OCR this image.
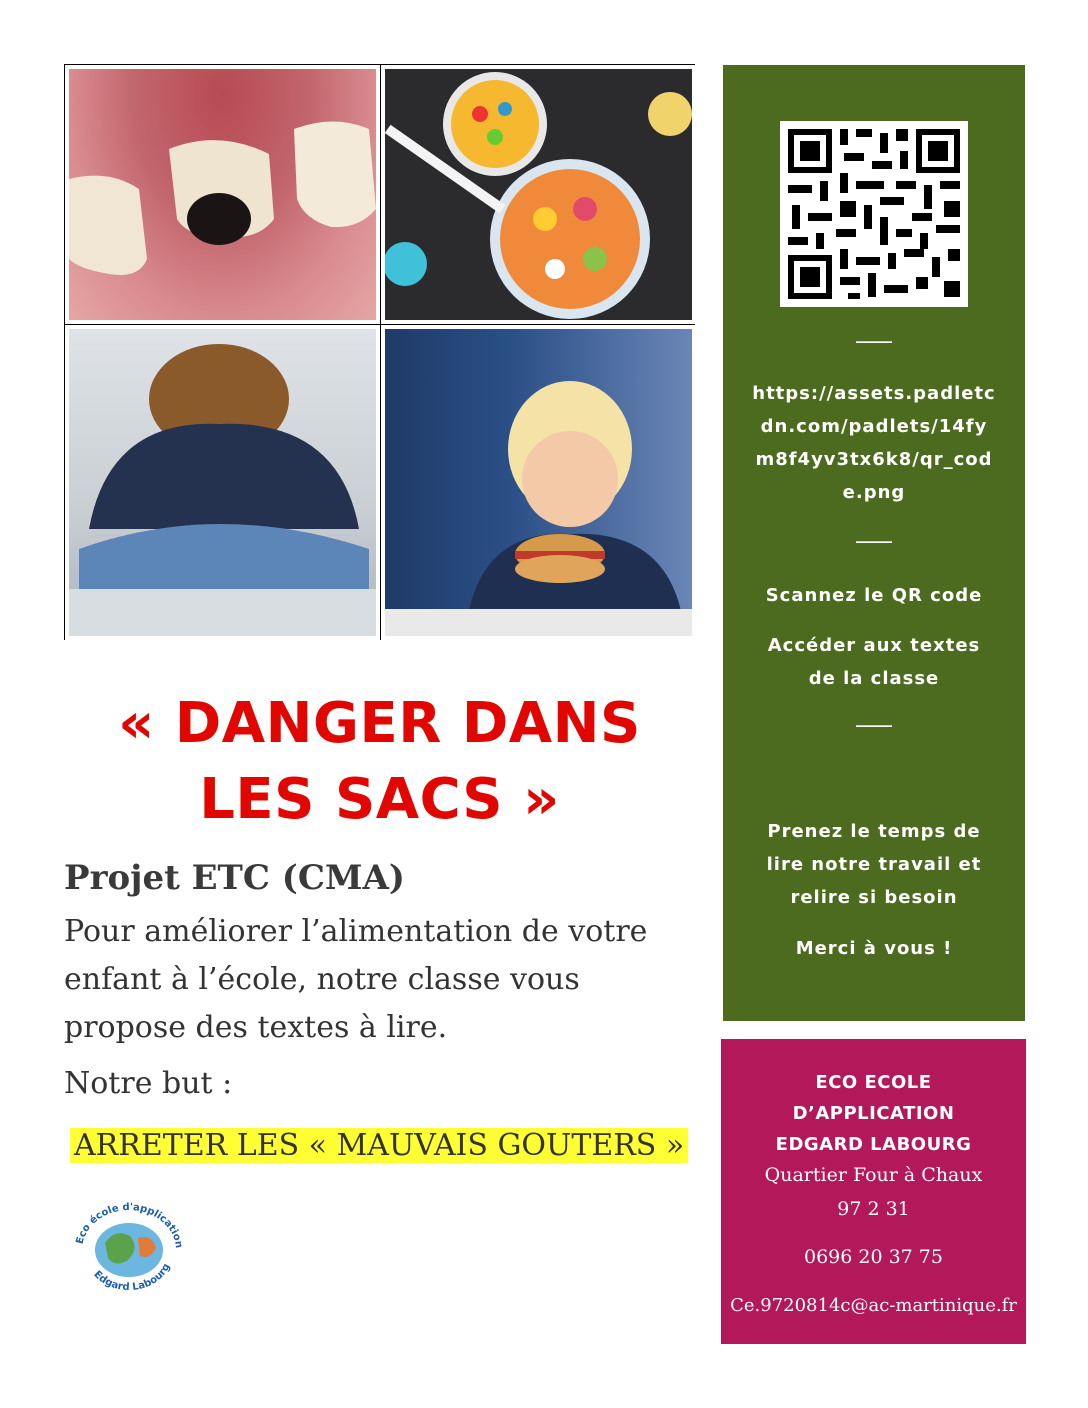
« DANGER DANS
LES SACS »
Projet ETC (CMA)
Pour améliorer l’alimentation de votre enfant à l’école, notre classe vous propose des textes à lire.
Notre but :
ARRETER LES « MAUVAIS GOUTERS »
Eco école d'application
Edgard Labourg
____
https://assets.padletc
dn.com/padlets/14fy
m8f4yv3tx6k8/qr_cod
e.png
____
Scannez le QR code
Accéder aux textes
de la classe
____
Prenez le temps de
lire notre travail et
relire si besoin
Merci à vous !
ECO ECOLE
D’APPLICATION
EDGARD LABOURG
Quartier Four à Chaux
97 2 31
0696 20 37 75
Ce.9720814c@ac-martinique.fr
